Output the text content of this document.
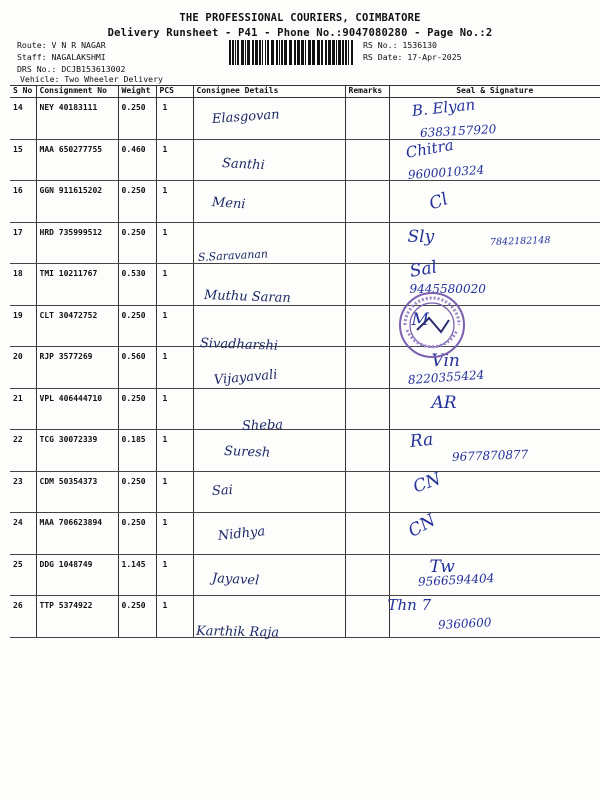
THE PROFESSIONAL COURIERS, COIMBATORE
Delivery Runsheet - P41 - Phone No.:9047080280 - Page No.:2
Route: V N R NAGAR
Staff: NAGALAKSHMI
DRS No.: DCJB153613002
Vehicle: Two Wheeler Delivery
RS No.: 1536130
RS Date: 17-Apr-2025
S No	Consignment No	Weight	PCS	Consignee Details	Remarks	Seal & Signature

14	NEY 40183111	0.250	1	Elasgovan		B. Elyan
6383157920

15	MAA 650277755	0.460	1	Santhi		Chitra
9600010324

16	GGN 911615202	0.250	1	Meni		Cl

17	HRD 735999512	0.250	1	S.Saravanan		Sly 7842182148

18	TMI 10211767	0.530	1	Muthu Saran		Sal
9445580020

19	CLT 30472752	0.250	1	Sivadharshi		M

20	RJP 3577269	0.560	1	Vijayavali		Vin
8220355424

21	VPL 406444710	0.250	1	Sheba		AR

22	TCG 30072339	0.185	1	Suresh		Ra
9677870877

23	CDM 50354373	0.250	1	Sai		CN

24	MAA 706623894	0.250	1	Nidhya		CN

25	DDG 1048749	1.145	1	Jayavel		Tw
9566594404

26	TTP 5374922	0.250	1	Karthik Raja		Thn 7
9360600
